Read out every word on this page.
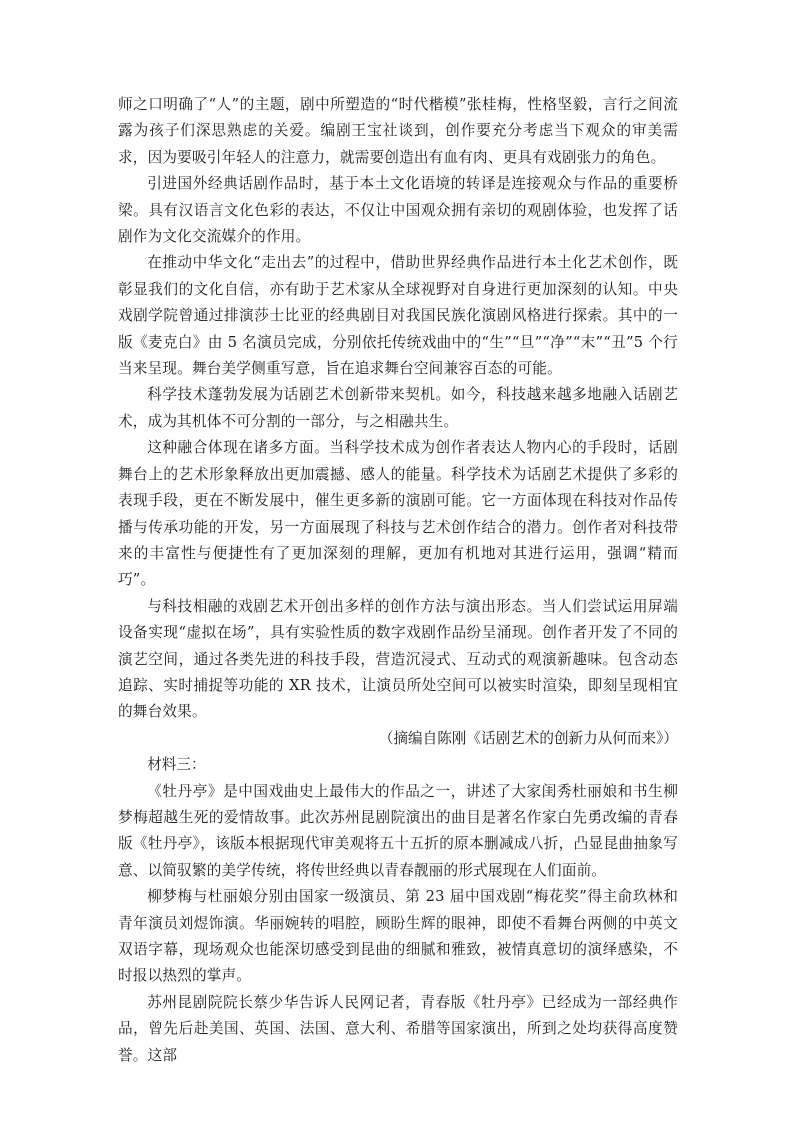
师之口明确了“人”的主题，剧中所塑造的“时代楷模”张桂梅，性格坚毅，言行之间流露为孩子们深思熟虑的关爱。编剧王宝社谈到，创作要充分考虑当下观众的审美需求，因为要吸引年轻人的注意力，就需要创造出有血有肉、更具有戏剧张力的角色。

引进国外经典话剧作品时，基于本土文化语境的转译是连接观众与作品的重要桥梁。具有汉语言文化色彩的表达，不仅让中国观众拥有亲切的观剧体验，也发挥了话剧作为文化交流媒介的作用。

在推动中华文化“走出去”的过程中，借助世界经典作品进行本土化艺术创作，既彰显我们的文化自信，亦有助于艺术家从全球视野对自身进行更加深刻的认知。中央戏剧学院曾通过排演莎士比亚的经典剧目对我国民族化演剧风格进行探索。其中的一版《麦克白》由 5 名演员完成，分别依托传统戏曲中的“生”“旦”“净”“末”“丑”5 个行当来呈现。舞台美学侧重写意，旨在追求舞台空间兼容百态的可能。

科学技术蓬勃发展为话剧艺术创新带来契机。如今，科技越来越多地融入话剧艺术，成为其机体不可分割的一部分，与之相融共生。

这种融合体现在诸多方面。当科学技术成为创作者表达人物内心的手段时，话剧舞台上的艺术形象释放出更加震撼、感人的能量。科学技术为话剧艺术提供了多彩的表现手段，更在不断发展中，催生更多新的演剧可能。它一方面体现在科技对作品传播与传承功能的开发，另一方面展现了科技与艺术创作结合的潜力。创作者对科技带来的丰富性与便捷性有了更加深刻的理解，更加有机地对其进行运用，强调“精而巧”。

与科技相融的戏剧艺术开创出多样的创作方法与演出形态。当人们尝试运用屏端设备实现“虚拟在场”，具有实验性质的数字戏剧作品纷呈涌现。创作者开发了不同的演艺空间，通过各类先进的科技手段，营造沉浸式、互动式的观演新趣味。包含动态追踪、实时捕捉等功能的 XR 技术，让演员所处空间可以被实时渲染，即刻呈现相宜的舞台效果。

（摘编自陈刚《话剧艺术的创新力从何而来》）

材料三：

《牡丹亭》是中国戏曲史上最伟大的作品之一，讲述了大家闺秀杜丽娘和书生柳梦梅超越生死的爱情故事。此次苏州昆剧院演出的曲目是著名作家白先勇改编的青春版《牡丹亭》，该版本根据现代审美观将五十五折的原本删减成八折，凸显昆曲抽象写意、以简驭繁的美学传统，将传世经典以青春靓丽的形式展现在人们面前。

柳梦梅与杜丽娘分别由国家一级演员、第 23 届中国戏剧“梅花奖”得主俞玖林和青年演员刘煜饰演。华丽婉转的唱腔，顾盼生辉的眼神，即使不看舞台两侧的中英文双语字幕，现场观众也能深切感受到昆曲的细腻和雅致，被情真意切的演绎感染，不时报以热烈的掌声。

苏州昆剧院院长蔡少华告诉人民网记者，青春版《牡丹亭》已经成为一部经典作品，曾先后赴美国、英国、法国、意大利、希腊等国家演出，所到之处均获得高度赞誉。这部
